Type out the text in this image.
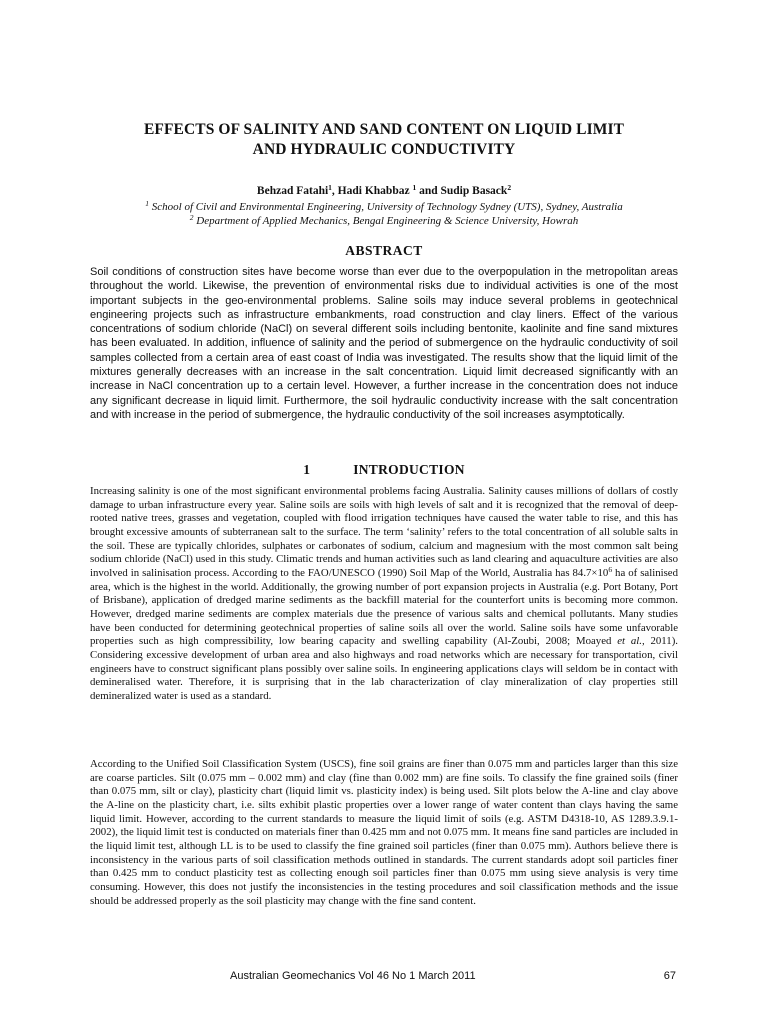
EFFECTS OF SALINITY AND SAND CONTENT ON LIQUID LIMIT
AND HYDRAULIC CONDUCTIVITY
Behzad Fatahi$^1$, Hadi Khabbaz $^1$ and Sudip Basack$^2$
$^1$ School of Civil and Environmental Engineering, University of Technology Sydney (UTS), Sydney, Australia
$^2$ Department of Applied Mechanics, Bengal Engineering & Science University, Howrah
ABSTRACT

Soil conditions of construction sites have become worse than ever due to the overpopulation in the metropolitan areas throughout the world. Likewise, the prevention of environmental risks due to individual activities is one of the most important subjects in the geo-environmental problems. Saline soils may induce several problems in geotechnical engineering projects such as infrastructure embankments, road construction and clay liners. Effect of the various concentrations of sodium chloride (NaCl) on several different soils including bentonite, kaolinite and fine sand mixtures has been evaluated. In addition, influence of salinity and the period of submergence on the hydraulic conductivity of soil samples collected from a certain area of east coast of India was investigated. The results show that the liquid limit of the mixtures generally decreases with an increase in the salt concentration. Liquid limit decreased significantly with an increase in NaCl concentration up to a certain level. However, a further increase in the concentration does not induce any significant decrease in liquid limit. Furthermore, the soil hydraulic conductivity increase with the salt concentration and with increase in the period of submergence, the hydraulic conductivity of the soil increases asymptotically.

1	INTRODUCTION

Increasing salinity is one of the most significant environmental problems facing Australia. Salinity causes millions of dollars of costly damage to urban infrastructure every year. Saline soils are soils with high levels of salt and it is recognized that the removal of deep-rooted native trees, grasses and vegetation, coupled with flood irrigation techniques have caused the water table to rise, and this has brought excessive amounts of subterranean salt to the surface. The term ‘salinity’ refers to the total concentration of all soluble salts in the soil. These are typically chlorides, sulphates or carbonates of sodium, calcium and magnesium with the most common salt being sodium chloride (NaCl) used in this study. Climatic trends and human activities such as land clearing and aquaculture activities are also involved in salinisation process. According to the FAO/UNESCO (1990) Soil Map of the World, Australia has $84.7\times 10^6$ ha of salinised area, which is the highest in the world. Additionally, the growing number of port expansion projects in Australia (e.g. Port Botany, Port of Brisbane), application of dredged marine sediments as the backfill material for the counterfort units is becoming more common. However, dredged marine sediments are complex materials due the presence of various salts and chemical pollutants. Many studies have been conducted for determining geotechnical properties of saline soils all over the world. Saline soils have some unfavorable properties such as high compressibility, low bearing capacity and swelling capability (Al-Zoubi, 2008; Moayed et al., 2011). Considering excessive development of urban area and also highways and road networks which are necessary for transportation, civil engineers have to construct significant plans possibly over saline soils. In engineering applications clays will seldom be in contact with demineralised water. Therefore, it is surprising that in the lab characterization of clay mineralization of clay properties still demineralized water is used as a standard.

According to the Unified Soil Classification System (USCS), fine soil grains are finer than 0.075 mm and particles larger than this size are coarse particles. Silt (0.075 mm – 0.002 mm) and clay (fine than 0.002 mm) are fine soils. To classify the fine grained soils (finer than 0.075 mm, silt or clay), plasticity chart (liquid limit vs. plasticity index) is being used. Silt plots below the A-line and clay above the A-line on the plasticity chart, i.e. silts exhibit plastic properties over a lower range of water content than clays having the same liquid limit. However, according to the current standards to measure the liquid limit of soils (e.g. ASTM D4318-10, AS 1289.3.9.1-2002), the liquid limit test is conducted on materials finer than 0.425 mm and not 0.075 mm. It means fine sand particles are included in the liquid limit test, although LL is to be used to classify the fine grained soil particles (finer than 0.075 mm). Authors believe there is inconsistency in the various parts of soil classification methods outlined in standards. The current standards adopt soil particles finer than 0.425 mm to conduct plasticity test as collecting enough soil particles finer than 0.075 mm using sieve analysis is very time consuming. However, this does not justify the inconsistencies in the testing procedures and soil classification methods and the issue should be addressed properly as the soil plasticity may change with the fine sand content.

Australian Geomechanics Vol 46 No 1 March 2011	67
